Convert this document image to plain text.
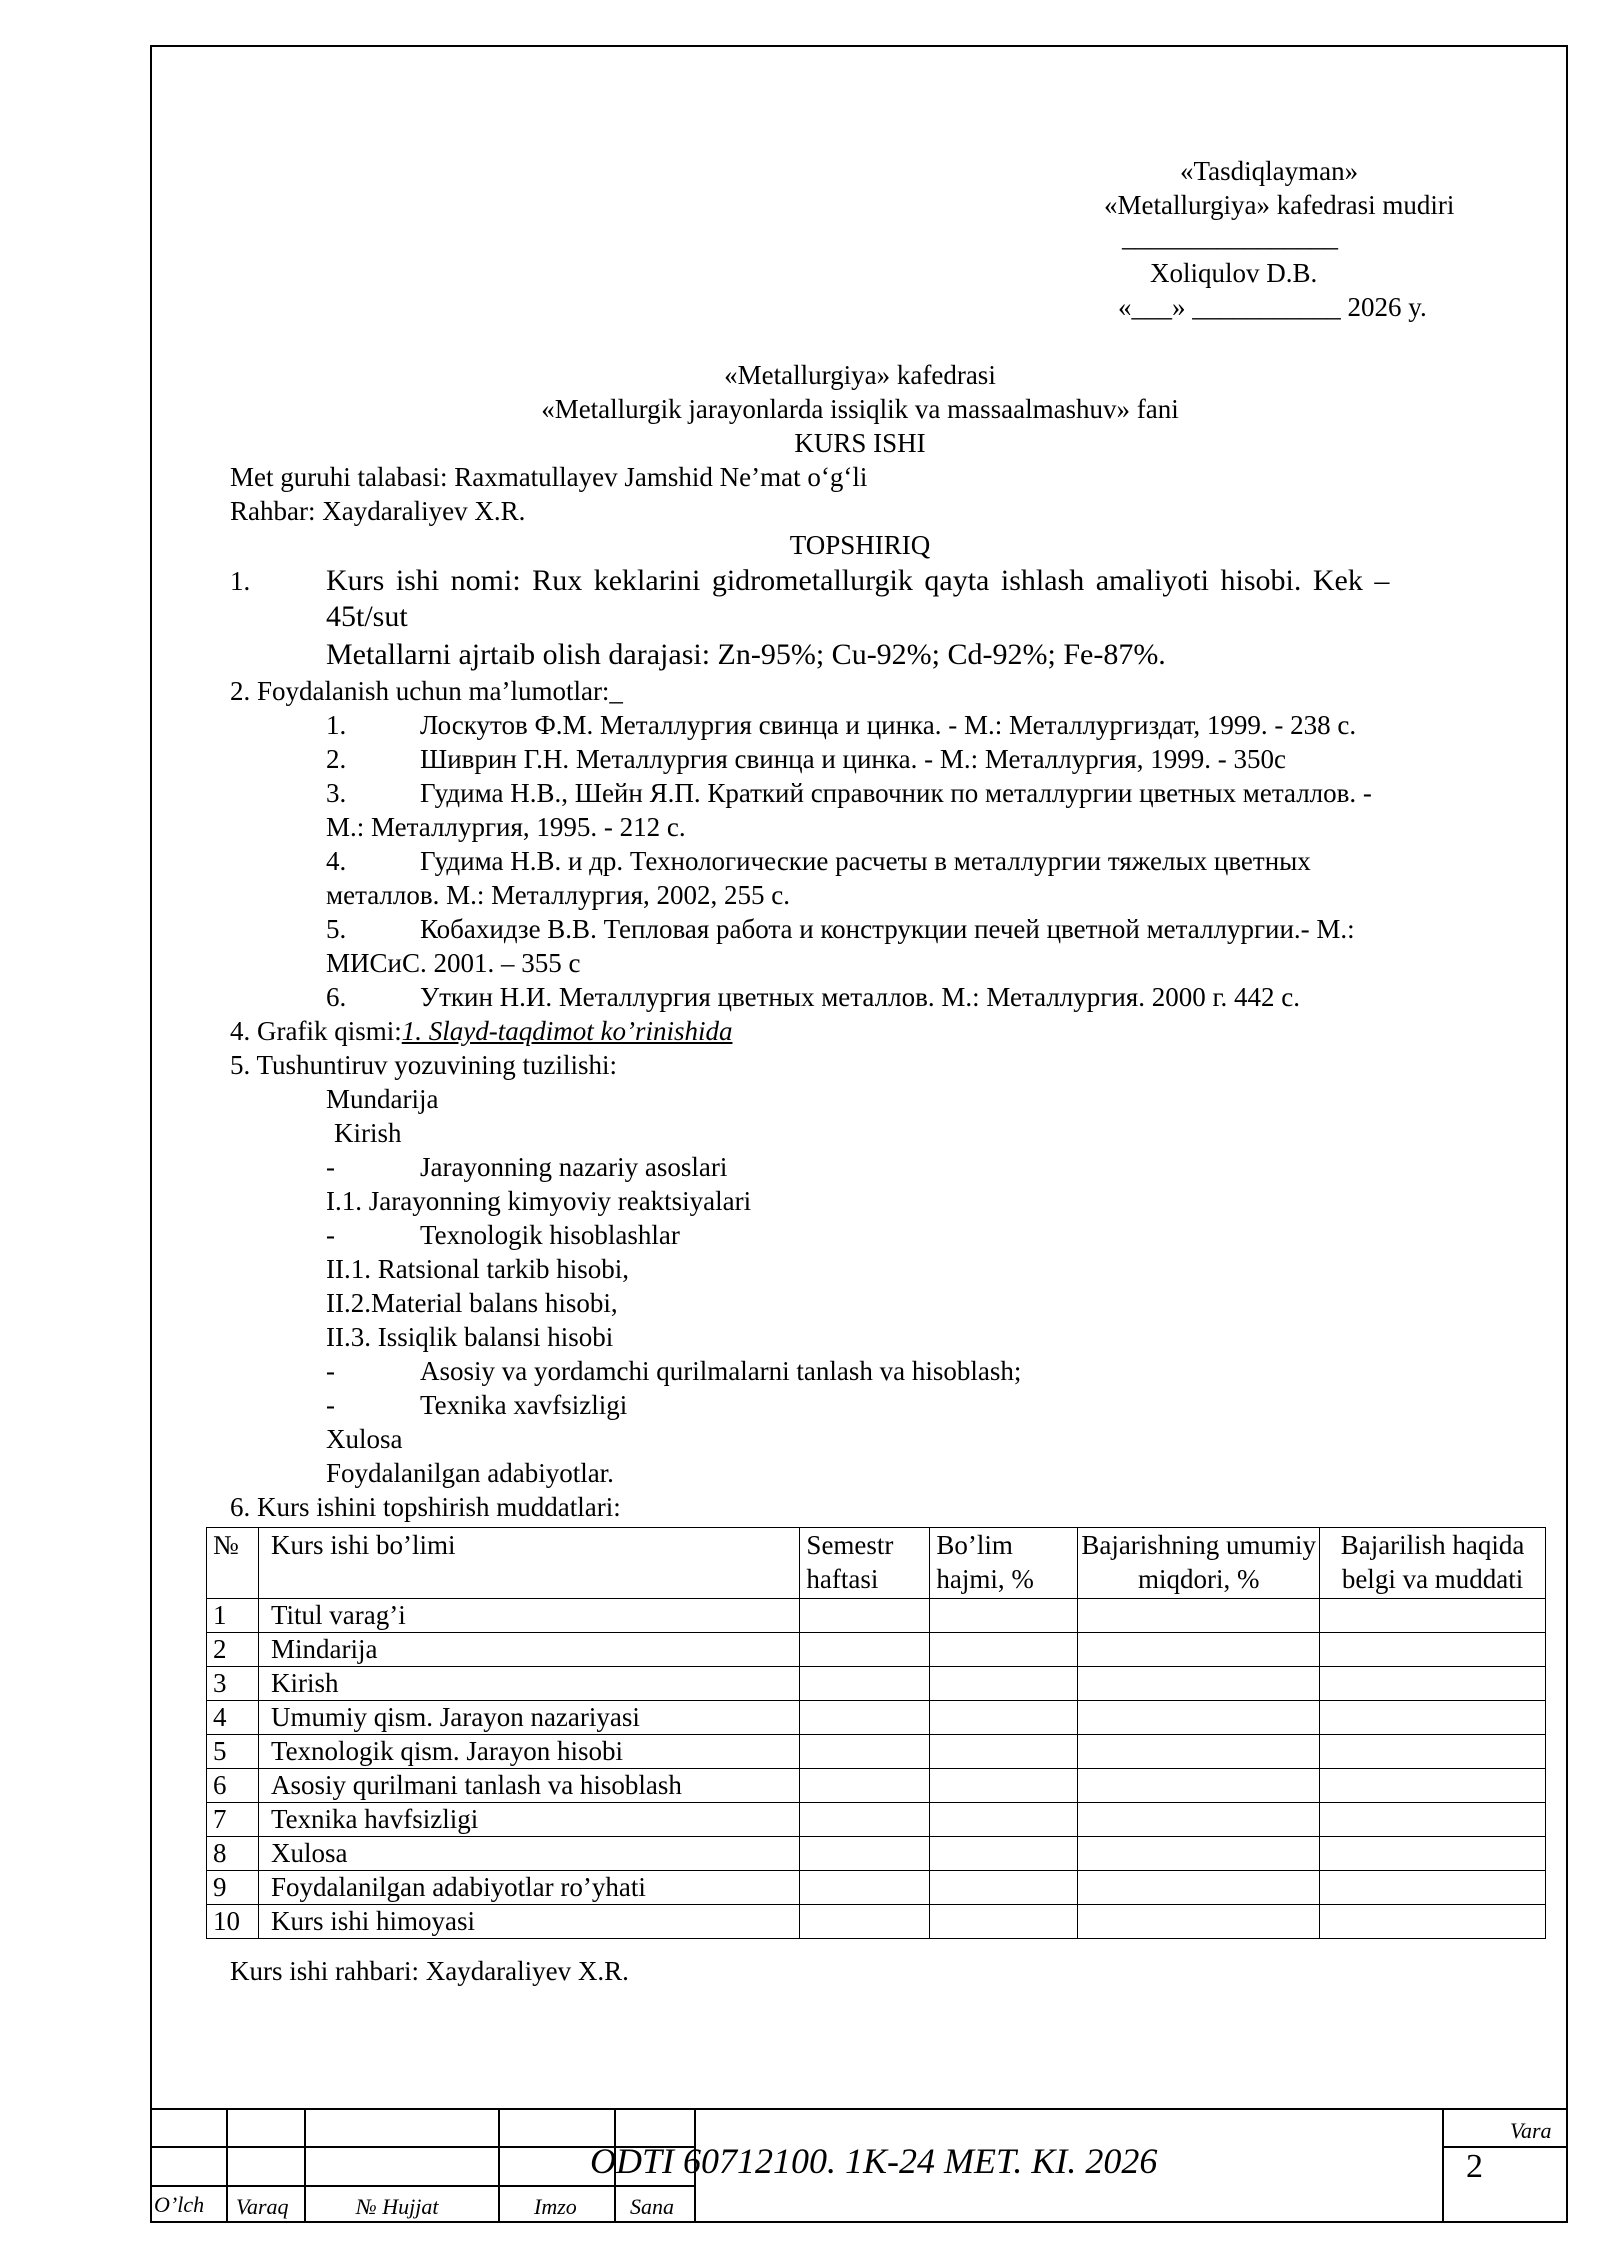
«Tasdiqlayman»
«Metallurgiya» kafedrasi mudiri
________________
Xoliqulov D.B.
«___» ___________ 2026 y.
«Metallurgiya» kafedrasi
«Metallurgik jarayonlarda issiqlik va massaalmashuv» fani
KURS ISHI
Met guruhi talabasi: Raxmatullayev Jamshid Ne’mat o‘g‘li
Rahbar: Xaydaraliyev X.R.
TOPSHIRIQ
1.	Kurs ishi nomi: Rux keklarini gidrometallurgik qayta ishlash amaliyoti hisobi. Kek –
45t/sut
Metallarni ajrtaib olish darajasi: Zn-95%; Cu-92%; Cd-92%; Fe-87%.
2. Foydalanish uchun ma’lumotlar:_
1.	Лоскутов Ф.М. Металлургия свинца и цинка. - М.: Металлургиздат, 1999. - 238 с.
2.	Шиврин Г.Н. Металлургия свинца и цинка. - М.: Металлургия, 1999. - 350с
3.	Гудима Н.В., Шейн Я.П. Краткий справочник по металлургии цветных металлов. -
М.: Металлургия, 1995. - 212 с.
4.	Гудима Н.В. и др. Технологические расчеты в металлургии тяжелых цветных
металлов. М.: Металлургия, 2002, 255 с.
5.	Кобахидзе В.В. Тепловая работа и конструкции печей цветной металлургии.- М.:
МИСиС. 2001. – 355 с
6.	Уткин Н.И. Металлургия цветных металлов. М.: Металлургия. 2000 г. 442 с.
4. Grafik qismi:1. Slayd-taqdimot ko’rinishida
5. Tushuntiruv yozuvining tuzilishi:
Mundarija
Kirish
-	Jarayonning nazariy asoslari
I.1. Jarayonning kimyoviy reaktsiyalari
-	Texnologik hisoblashlar
II.1. Ratsional tarkib hisobi,
II.2.Material balans hisobi,
II.3. Issiqlik balansi hisobi
-	Asosiy va yordamchi qurilmalarni tanlash va hisoblash;
-	Texnika xavfsizligi
Xulosa
Foydalanilgan adabiyotlar.
6. Kurs ishini topshirish muddatlari:
№	Kurs ishi bo’limi	Semestr haftasi	Bo’lim hajmi, %	Bajarishning umumiy miqdori, %	Bajarilish haqida belgi va muddati
1	Titul varag’i				
2	Mindarija				
3	Kirish				
4	Umumiy qism. Jarayon nazariyasi				
5	Texnologik qism. Jarayon hisobi				
6	Asosiy qurilmani tanlash va hisoblash				
7	Texnika havfsizligi				
8	Xulosa				
9	Foydalanilgan adabiyotlar ro’yhati				
10	Kurs ishi himoyasi				
Kurs ishi rahbari: Xaydaraliyev X.R.
O’lch Varaq	№ Hujjat	Imzo Sana
Vara
ODTI 60712100. 1K-24 MET. KI. 2026	2
